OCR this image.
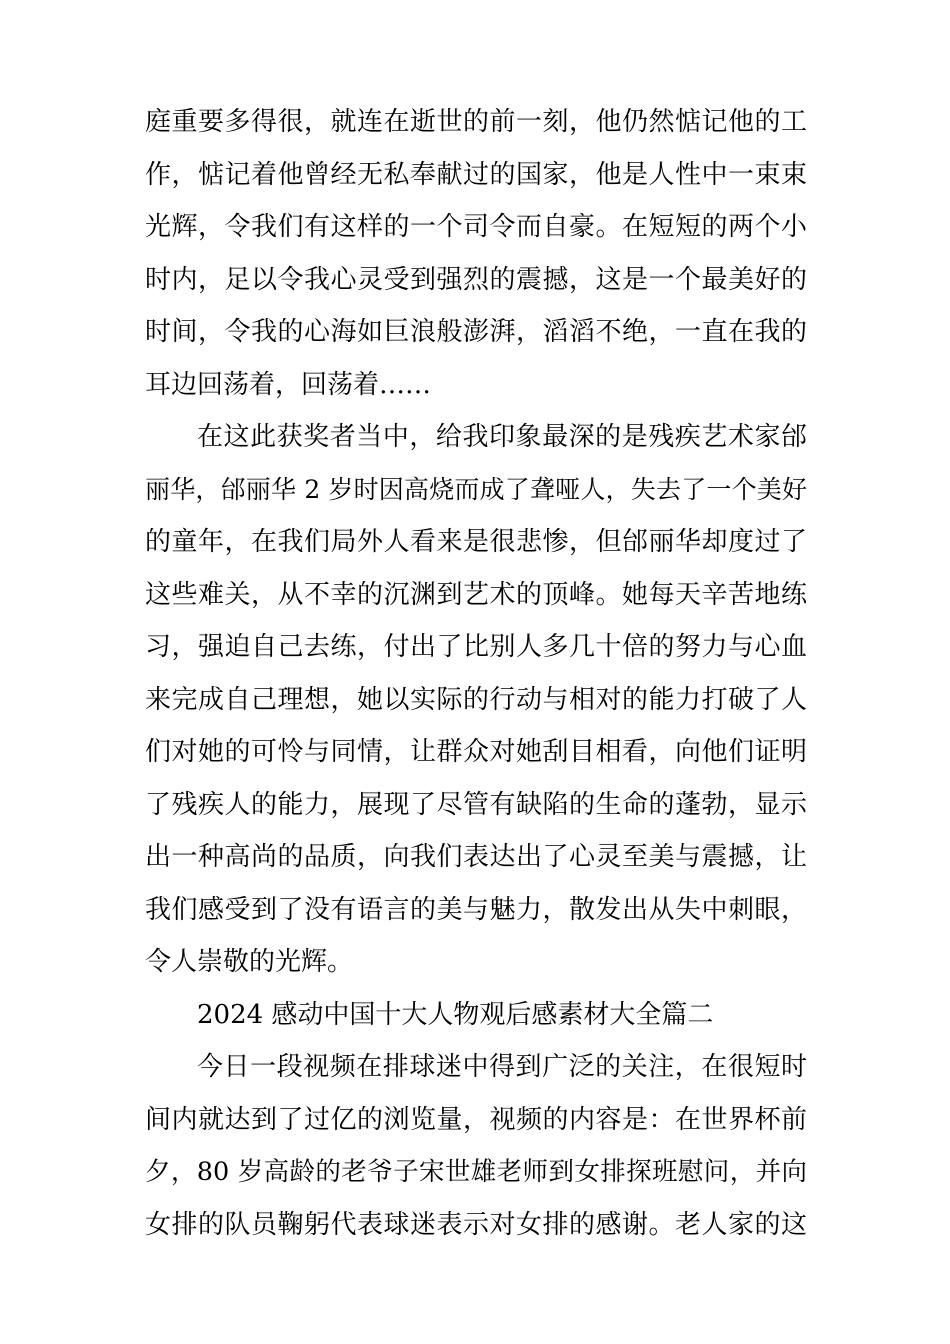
庭重要多得很，就连在逝世的前一刻，他仍然惦记他的工
作，惦记着他曾经无私奉献过的国家，他是人性中一束束
光辉，令我们有这样的一个司令而自豪。在短短的两个小
时内，足以令我心灵受到强烈的震撼，这是一个最美好的
时间，令我的心海如巨浪般澎湃，滔滔不绝，一直在我的
耳边回荡着，回荡着……
在这此获奖者当中，给我印象最深的是残疾艺术家邰
丽华，邰丽华 2 岁时因高烧而成了聋哑人，失去了一个美好
的童年，在我们局外人看来是很悲惨，但邰丽华却度过了
这些难关，从不幸的沉渊到艺术的顶峰。她每天辛苦地练
习，强迫自己去练，付出了比别人多几十倍的努力与心血
来完成自己理想，她以实际的行动与相对的能力打破了人
们对她的可怜与同情，让群众对她刮目相看，向他们证明
了残疾人的能力，展现了尽管有缺陷的生命的蓬勃，显示
出一种高尚的品质，向我们表达出了心灵至美与震撼，让
我们感受到了没有语言的美与魅力，散发出从失中刺眼，
令人崇敬的光辉。
2024 感动中国十大人物观后感素材大全篇二
今日一段视频在排球迷中得到广泛的关注，在很短时
间内就达到了过亿的浏览量，视频的内容是：在世界杯前
夕，80 岁高龄的老爷子宋世雄老师到女排探班慰问，并向
女排的队员鞠躬代表球迷表示对女排的感谢。老人家的这
